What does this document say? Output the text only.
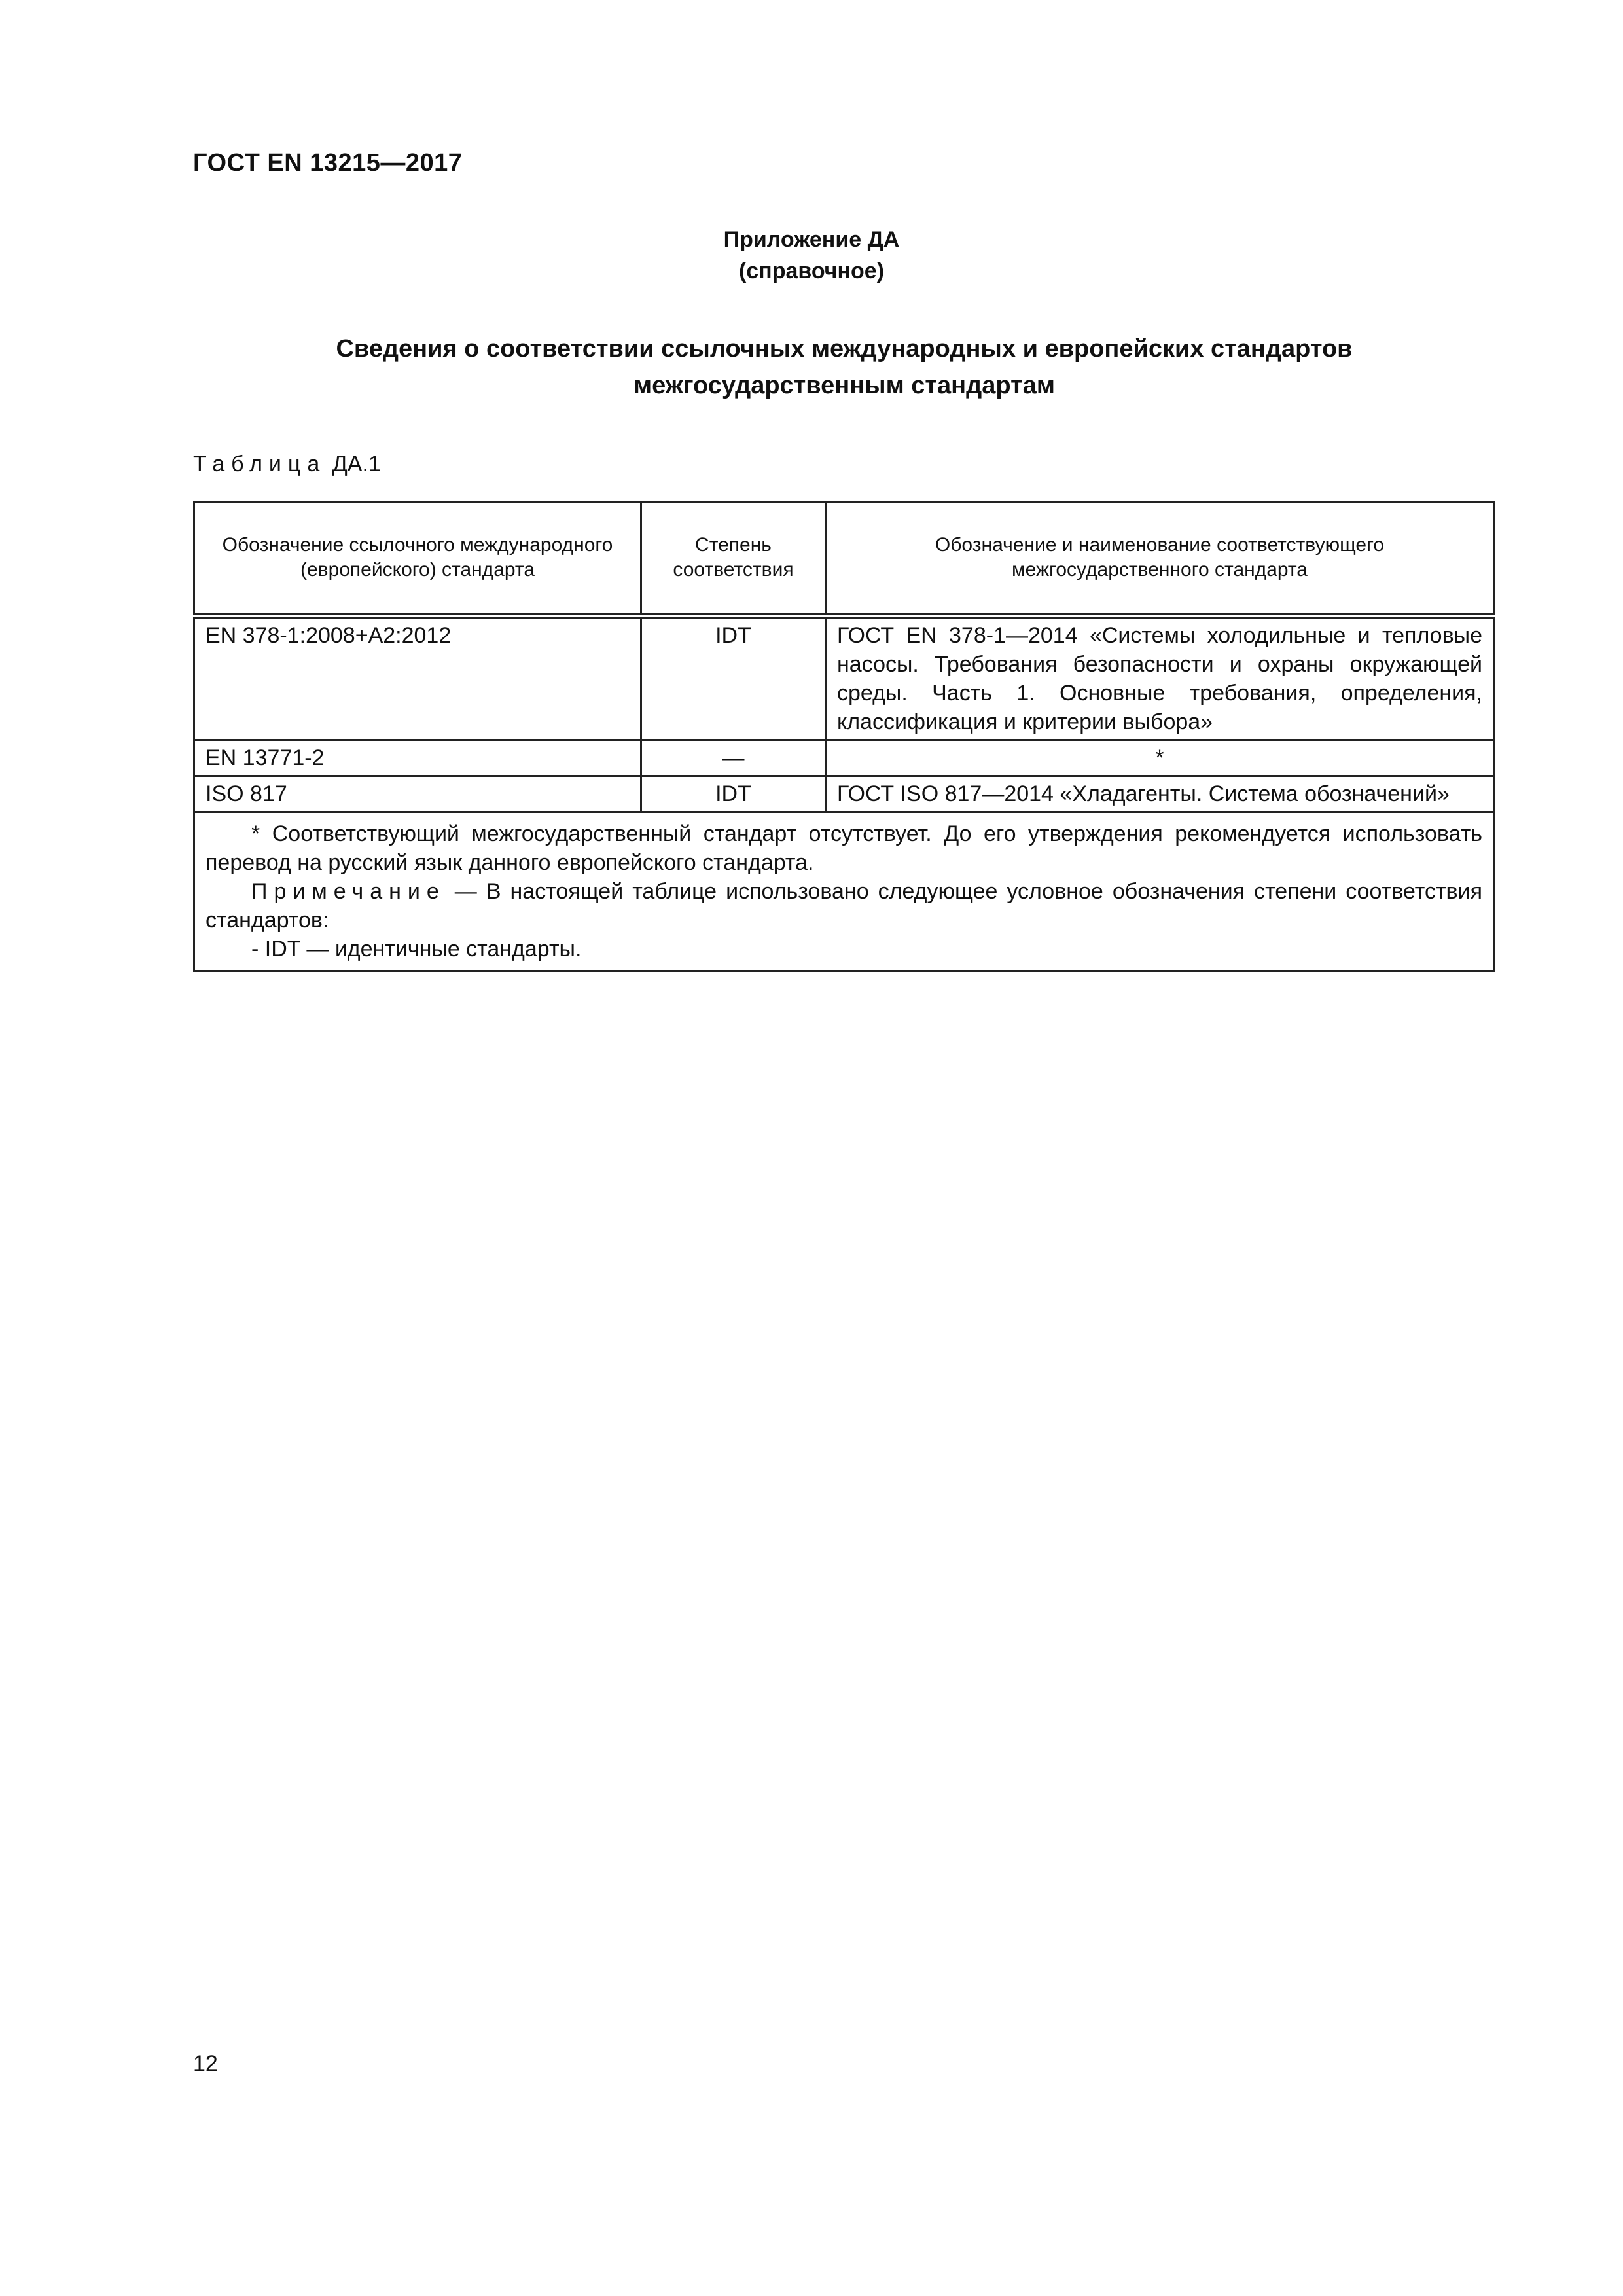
ГОСТ EN 13215—2017
Приложение ДА
(справочное)
Сведения о соответствии ссылочных международных и европейских стандартов
межгосударственным стандартам
Таблица ДА.1
Обозначение ссылочного международного (европейского) стандарта	Степень соответствия	Обозначение и наименование соответствующего межгосударственного стандарта
EN 378-1:2008+A2:2012	IDT	ГОСТ EN 378-1—2014 «Системы холодильные и тепловые насосы. Требования безопасности и охраны окружающей среды. Часть 1. Основные требования, определения, классификация и критерии выбора»
EN 13771-2	—	*
ISO 817	IDT	ГОСТ ISO 817—2014 «Хладагенты. Система обозначений»

* Соответствующий межгосударственный стандарт отсутствует. До его утверждения рекомендуется использовать перевод на русский язык данного европейского стандарта.

Примечание — В настоящей таблице использовано следующее условное обозначения степени соответствия стандартов:

- IDT — идентичные стандарты.		

12
